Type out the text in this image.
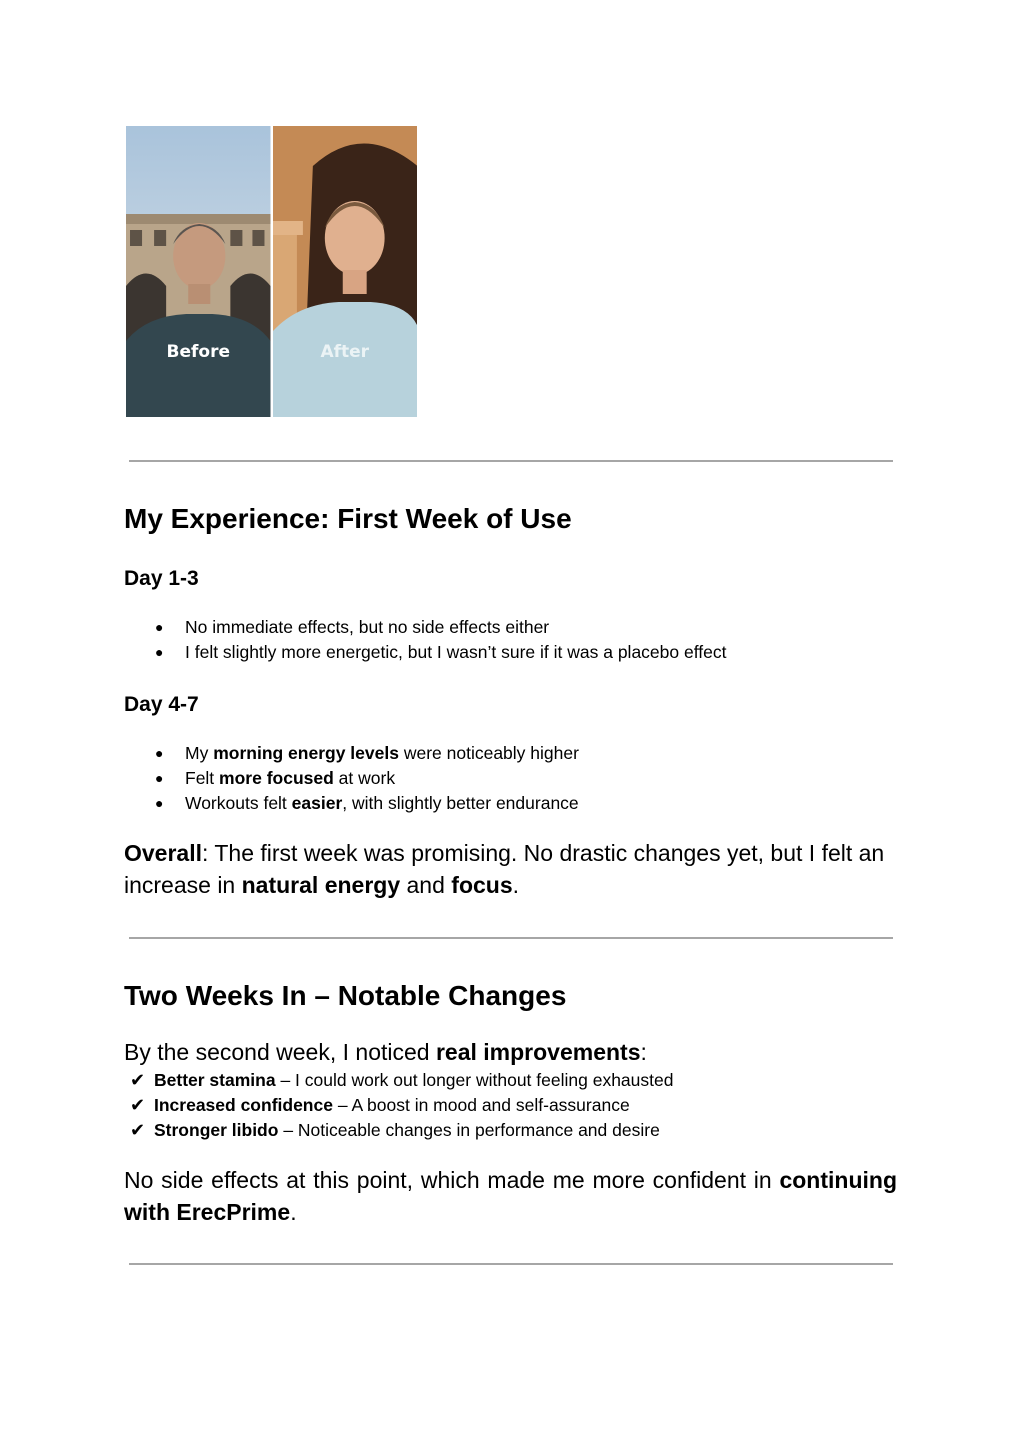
Before	After
My Experience: First Week of Use
Day 1-3
● No immediate effects, but no side effects either
● I felt slightly more energetic, but I wasn’t sure if it was a placebo effect
Day 4-7
● My morning energy levels were noticeably higher
● Felt more focused at work
● Workouts felt easier, with slightly better endurance

Overall: The first week was promising. No drastic changes yet, but I felt an increase in natural energy and focus.

Two Weeks In – Notable Changes

By the second week, I noticed real improvements:

✔ Better stamina – I could work out longer without feeling exhausted
✔ Increased confidence – A boost in mood and self-assurance
✔ Stronger libido – Noticeable changes in performance and desire

No side effects at this point, which made me more confident in continuing with ErecPrime.
